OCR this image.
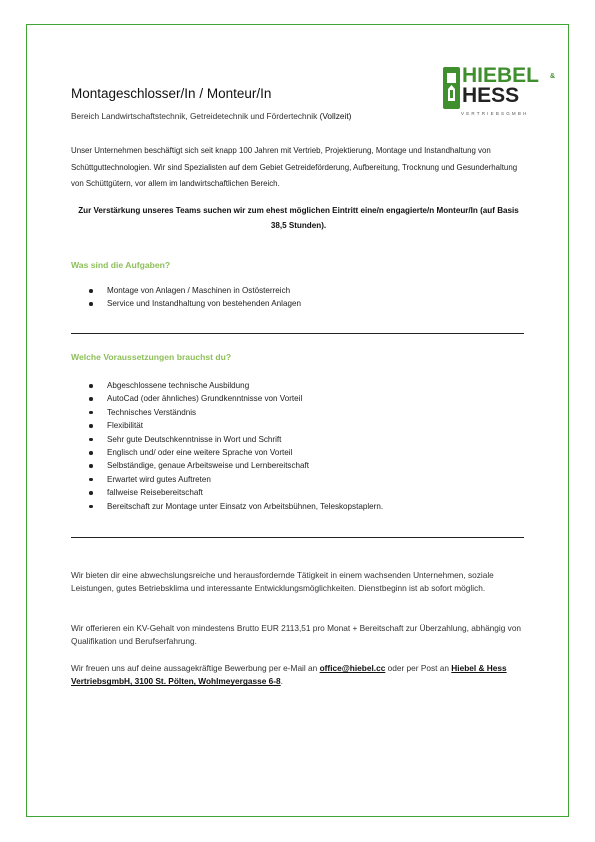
Montageschlosser/In / Monteur/In
Bereich Landwirtschaftstechnik, Getreidetechnik und Fördertechnik (Vollzeit)
HIEBEL &
HESS
VERTRIEBSGMBH
Unser Unternehmen beschäftigt sich seit knapp 100 Jahren mit Vertrieb, Projektierung, Montage und Instandhaltung von Schüttguttechnologien. Wir sind Spezialisten auf dem Gebiet Getreideförderung, Aufbereitung, Trocknung und Gesunderhaltung von Schüttgütern, vor allem im landwirtschaftlichen Bereich.
Zur Verstärkung unseres Teams suchen wir zum ehest möglichen Eintritt eine/n engagierte/n Monteur/In (auf Basis 38,5 Stunden).
Was sind die Aufgaben?
Montage von Anlagen / Maschinen in Ostösterreich
Service und Instandhaltung von bestehenden Anlagen
Welche Voraussetzungen brauchst du?
Abgeschlossene technische Ausbildung
AutoCad (oder ähnliches) Grundkenntnisse von Vorteil
Technisches Verständnis
Flexibilität
Sehr gute Deutschkenntnisse in Wort und Schrift
Englisch und/ oder eine weitere Sprache von Vorteil
Selbständige, genaue Arbeitsweise und Lernbereitschaft
Erwartet wird gutes Auftreten
fallweise Reisebereitschaft
Bereitschaft zur Montage unter Einsatz von Arbeitsbühnen, Teleskopstaplern.
Wir bieten dir eine abwechslungsreiche und herausfordernde Tätigkeit in einem wachsenden Unternehmen, soziale Leistungen, gutes Betriebsklima und interessante Entwicklungsmöglichkeiten. Dienstbeginn ist ab sofort möglich.
Wir offerieren ein KV-Gehalt von mindestens Brutto EUR 2113,51 pro Monat + Bereitschaft zur Überzahlung, abhängig von Qualifikation und Berufserfahrung.
Wir freuen uns auf deine aussagekräftige Bewerbung per e-Mail an office@hiebel.cc oder per Post an Hiebel & Hess VertriebsgmbH, 3100 St. Pölten, Wohlmeyergasse 6-8.
